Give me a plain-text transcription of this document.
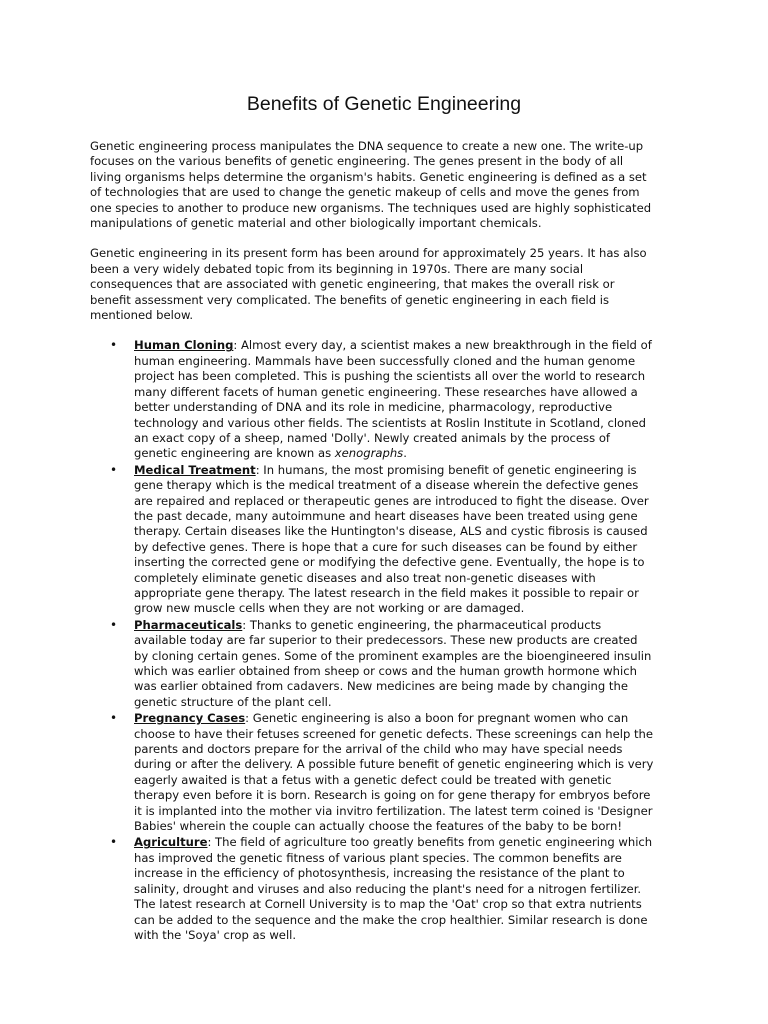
Benefits of Genetic Engineering

Genetic engineering process manipulates the DNA sequence to create a new one. The write-up focuses on the various benefits of genetic engineering. The genes present in the body of all living organisms helps determine the organism's habits. Genetic engineering is defined as a set of technologies that are used to change the genetic makeup of cells and move the genes from one species to another to produce new organisms. The techniques used are highly sophisticated manipulations of genetic material and other biologically important chemicals.

Genetic engineering in its present form has been around for approximately 25 years. It has also been a very widely debated topic from its beginning in 1970s. There are many social consequences that are associated with genetic engineering, that makes the overall risk or benefit assessment very complicated. The benefits of genetic engineering in each field is mentioned below.

• Human Cloning: Almost every day, a scientist makes a new breakthrough in the field of human engineering. Mammals have been successfully cloned and the human genome project has been completed. This is pushing the scientists all over the world to research many different facets of human genetic engineering. These researches have allowed a better understanding of DNA and its role in medicine, pharmacology, reproductive technology and various other fields. The scientists at Roslin Institute in Scotland, cloned an exact copy of a sheep, named 'Dolly'. Newly created animals by the process of genetic engineering are known as xenographs.
• Medical Treatment: In humans, the most promising benefit of genetic engineering is gene therapy which is the medical treatment of a disease wherein the defective genes are repaired and replaced or therapeutic genes are introduced to fight the disease. Over the past decade, many autoimmune and heart diseases have been treated using gene therapy. Certain diseases like the Huntington's disease, ALS and cystic fibrosis is caused by defective genes. There is hope that a cure for such diseases can be found by either inserting the corrected gene or modifying the defective gene. Eventually, the hope is to completely eliminate genetic diseases and also treat non-genetic diseases with appropriate gene therapy. The latest research in the field makes it possible to repair or grow new muscle cells when they are not working or are damaged.
• Pharmaceuticals: Thanks to genetic engineering, the pharmaceutical products available today are far superior to their predecessors. These new products are created by cloning certain genes. Some of the prominent examples are the bioengineered insulin which was earlier obtained from sheep or cows and the human growth hormone which was earlier obtained from cadavers. New medicines are being made by changing the genetic structure of the plant cell.
• Pregnancy Cases: Genetic engineering is also a boon for pregnant women who can choose to have their fetuses screened for genetic defects. These screenings can help the parents and doctors prepare for the arrival of the child who may have special needs during or after the delivery. A possible future benefit of genetic engineering which is very eagerly awaited is that a fetus with a genetic defect could be treated with genetic therapy even before it is born. Research is going on for gene therapy for embryos before it is implanted into the mother via invitro fertilization. The latest term coined is 'Designer Babies' wherein the couple can actually choose the features of the baby to be born!
• Agriculture: The field of agriculture too greatly benefits from genetic engineering which has improved the genetic fitness of various plant species. The common benefits are increase in the efficiency of photosynthesis, increasing the resistance of the plant to salinity, drought and viruses and also reducing the plant's need for a nitrogen fertilizer. The latest research at Cornell University is to map the 'Oat' crop so that extra nutrients can be added to the sequence and the make the crop healthier. Similar research is done with the 'Soya' crop as well.
